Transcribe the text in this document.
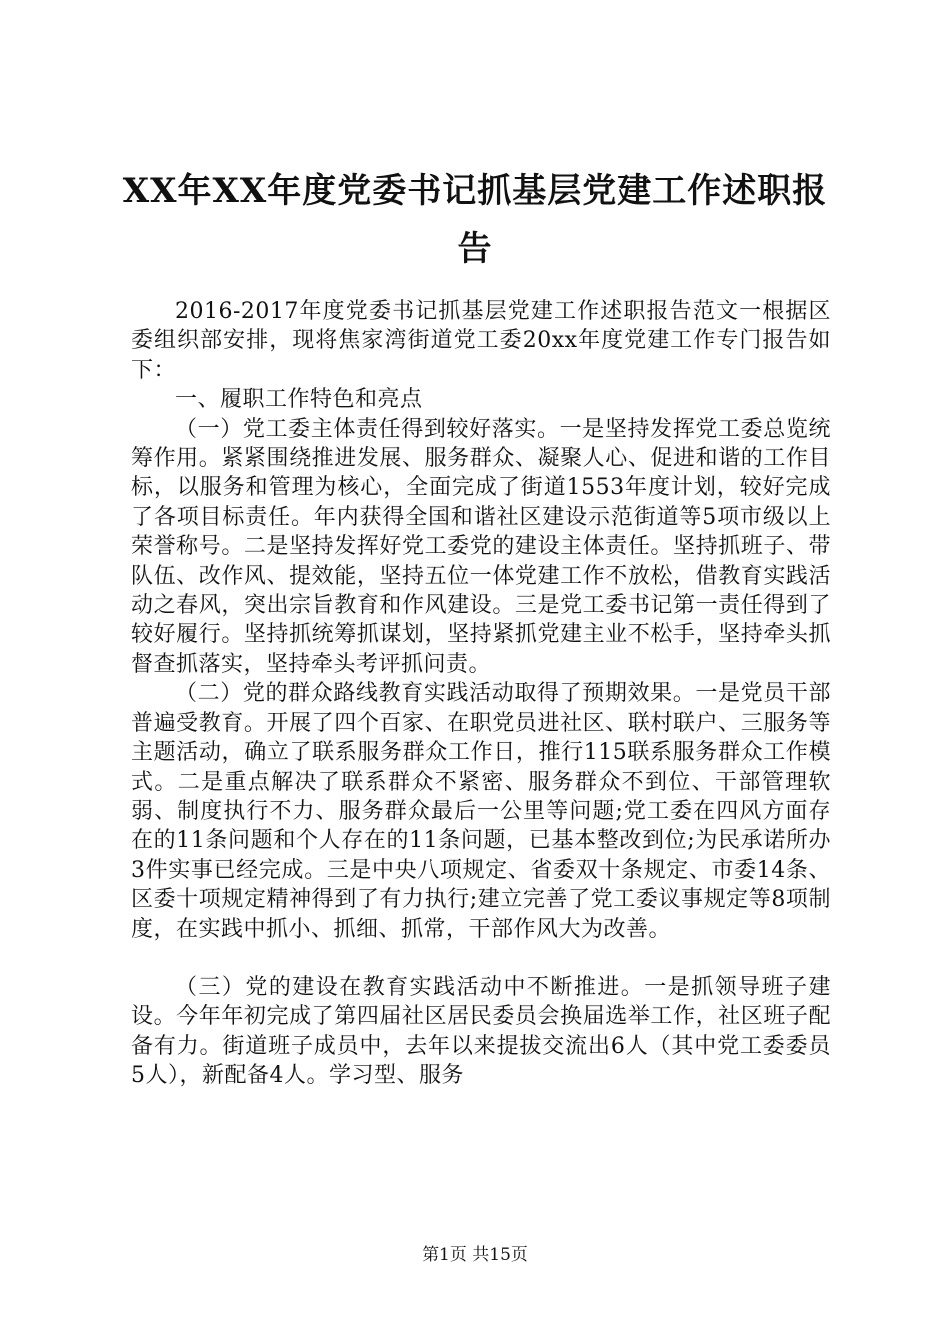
XX年XX年度党委书记抓基层党建工作述职报告

2016-2017年度党委书记抓基层党建工作述职报告范文一根据区委组织部安排，现将焦家湾街道党工委20xx年度党建工作专门报告如下：

一、履职工作特色和亮点

（一）党工委主体责任得到较好落实。一是坚持发挥党工委总览统筹作用。紧紧围绕推进发展、服务群众、凝聚人心、促进和谐的工作目标，以服务和管理为核心，全面完成了街道1553年度计划，较好完成了各项目标责任。年内获得全国和谐社区建设示范街道等5项市级以上荣誉称号。二是坚持发挥好党工委党的建设主体责任。坚持抓班子、带队伍、改作风、提效能，坚持五位一体党建工作不放松，借教育实践活动之春风，突出宗旨教育和作风建设。三是党工委书记第一责任得到了较好履行。坚持抓统筹抓谋划，坚持紧抓党建主业不松手，坚持牵头抓督查抓落实，坚持牵头考评抓问责。

（二）党的群众路线教育实践活动取得了预期效果。一是党员干部普遍受教育。开展了四个百家、在职党员进社区、联村联户、三服务等主题活动，确立了联系服务群众工作日，推行115联系服务群众工作模式。二是重点解决了联系群众不紧密、服务群众不到位、干部管理软弱、制度执行不力、服务群众最后一公里等问题;党工委在四风方面存在的11条问题和个人存在的11条问题，已基本整改到位;为民承诺所办3件实事已经完成。三是中央八项规定、省委双十条规定、市委14条、区委十项规定精神得到了有力执行;建立完善了党工委议事规定等8项制度，在实践中抓小、抓细、抓常，干部作风大为改善。

（三）党的建设在教育实践活动中不断推进。一是抓领导班子建设。今年年初完成了第四届社区居民委员会换届选举工作，社区班子配备有力。街道班子成员中，去年以来提拔交流出6人（其中党工委委员5人），新配备4人。学习型、服务

第1页 共15页
